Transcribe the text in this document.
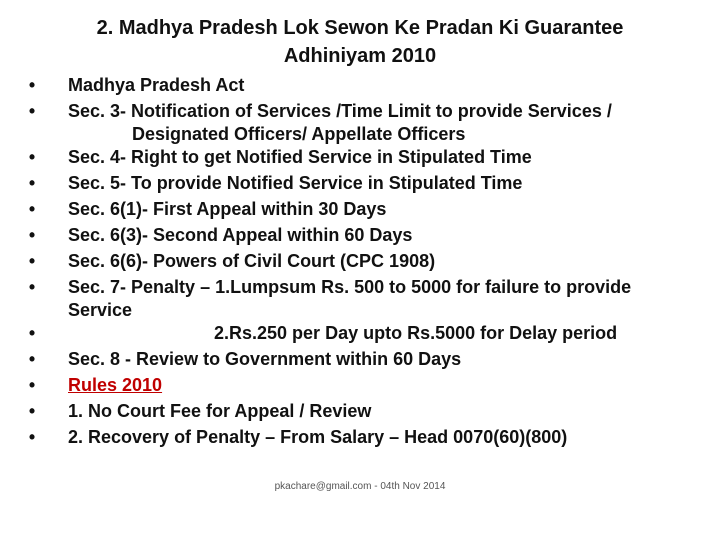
2. Madhya Pradesh Lok Sewon Ke Pradan Ki Guarantee Adhiniyam 2010
•	Madhya Pradesh Act
•	Sec. 3- Notification of Services /Time Limit to provide Services /
Designated Officers/ Appellate Officers
•	Sec. 4- Right to get Notified Service in Stipulated Time
•	Sec. 5- To provide Notified Service in Stipulated Time
•	Sec. 6(1)- First Appeal within 30 Days
•	Sec. 6(3)- Second Appeal within 60 Days
•	Sec. 6(6)- Powers of Civil Court (CPC 1908)
•	Sec. 7- Penalty – 1.Lumpsum Rs. 500 to 5000 for failure to provide
Service
•	2.Rs.250 per Day upto Rs.5000 for Delay period
•	Sec. 8 - Review to Government within 60 Days
•	Rules 2010
•	1. No Court Fee for Appeal / Review
•	2. Recovery of Penalty – From Salary – Head 0070(60)(800)
pkachare@gmail.com - 04th Nov 2014
